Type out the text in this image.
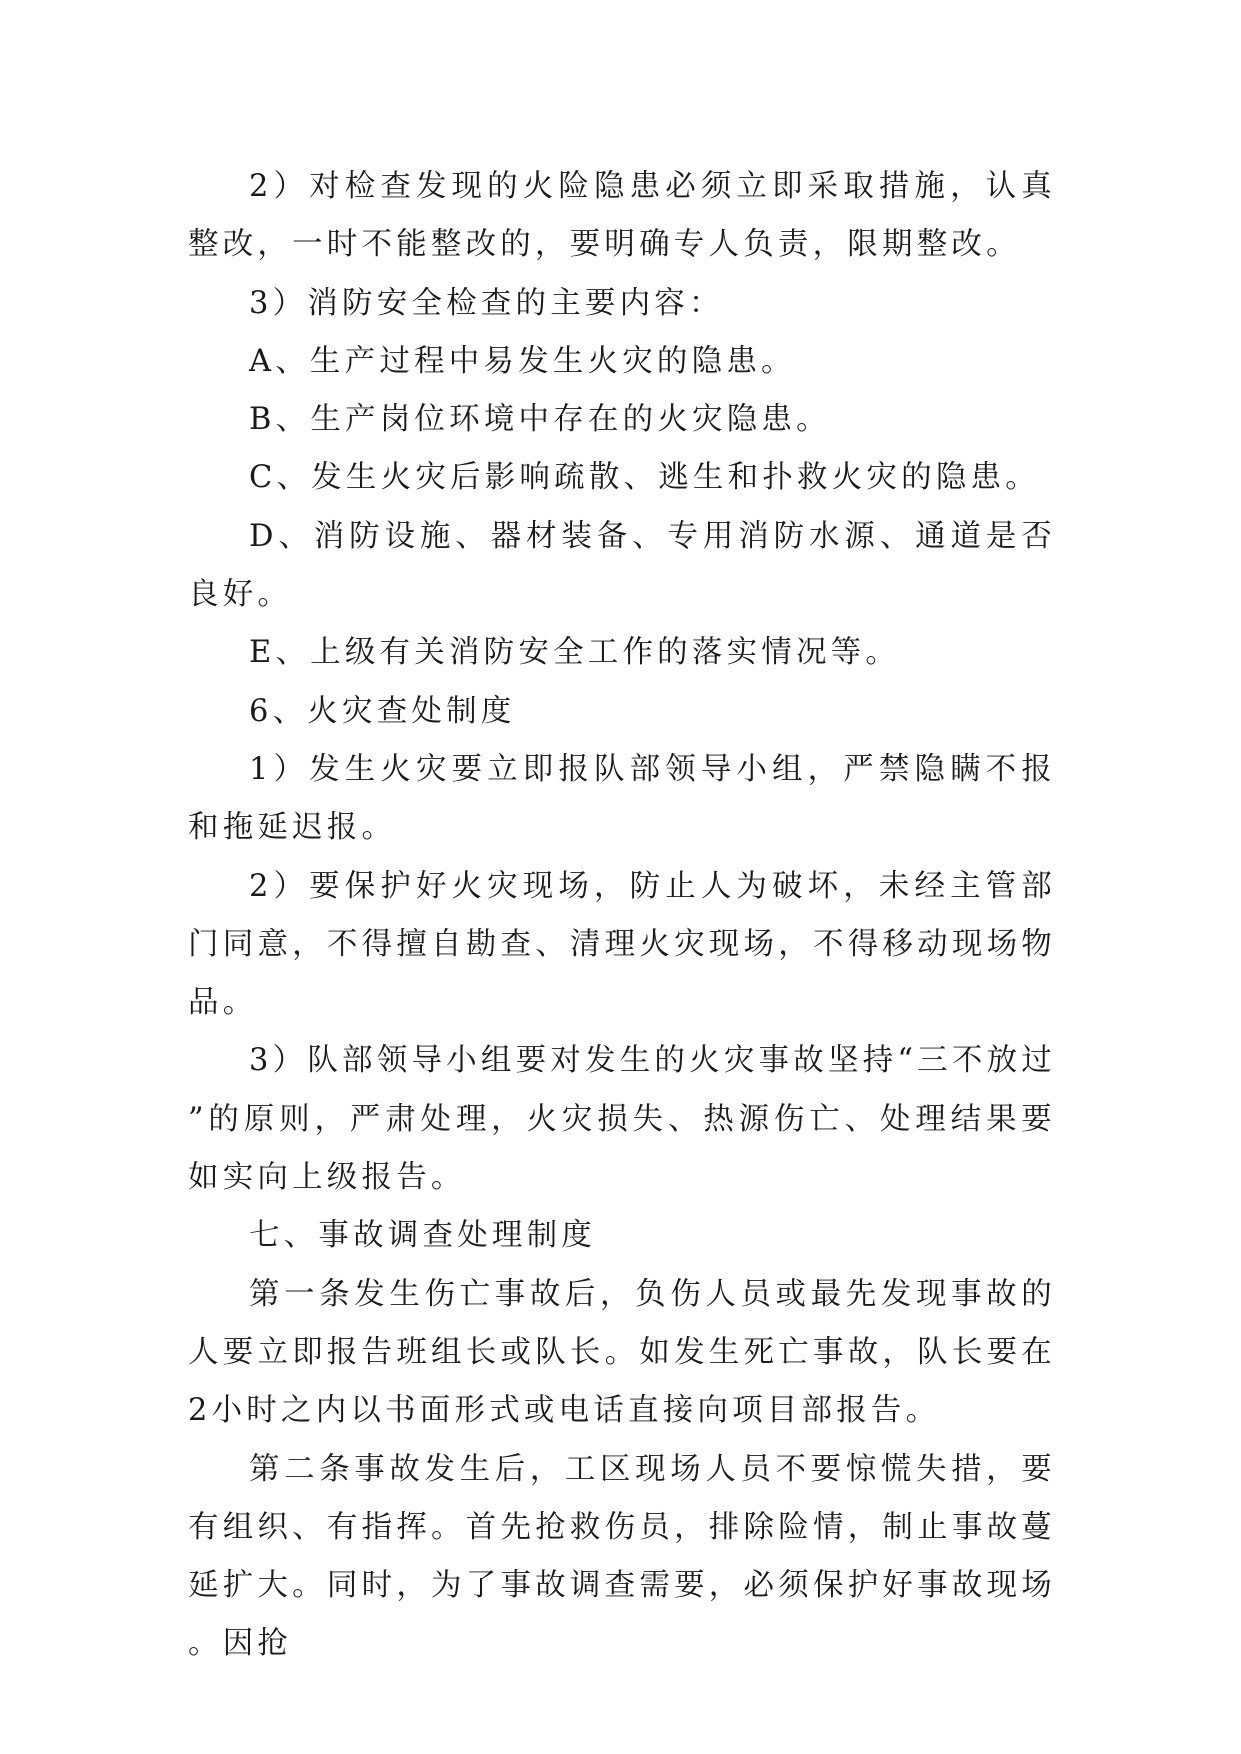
2）对检查发现的火险隐患必须立即采取措施，认真整改，一时不能整改的，要明确专人负责，限期整改。

3）消防安全检查的主要内容：

A、生产过程中易发生火灾的隐患。

B、生产岗位环境中存在的火灾隐患。

C、发生火灾后影响疏散、逃生和扑救火灾的隐患。

D、消防设施、器材装备、专用消防水源、通道是否良好。

E、上级有关消防安全工作的落实情况等。

6、火灾查处制度

1）发生火灾要立即报队部领导小组，严禁隐瞒不报和拖延迟报。

2）要保护好火灾现场，防止人为破坏，未经主管部门同意，不得擅自勘查、清理火灾现场，不得移动现场物品。

3）队部领导小组要对发生的火灾事故坚持“三不放过”的原则，严肃处理，火灾损失、热源伤亡、处理结果要如实向上级报告。

七、事故调查处理制度

第一条发生伤亡事故后，负伤人员或最先发现事故的人要立即报告班组长或队长。如发生死亡事故，队长要在2小时之内以书面形式或电话直接向项目部报告。

第二条事故发生后，工区现场人员不要惊慌失措，要有组织、有指挥。首先抢救伤员，排除险情，制止事故蔓延扩大。同时，为了事故调查需要，必须保护好事故现场。因抢
